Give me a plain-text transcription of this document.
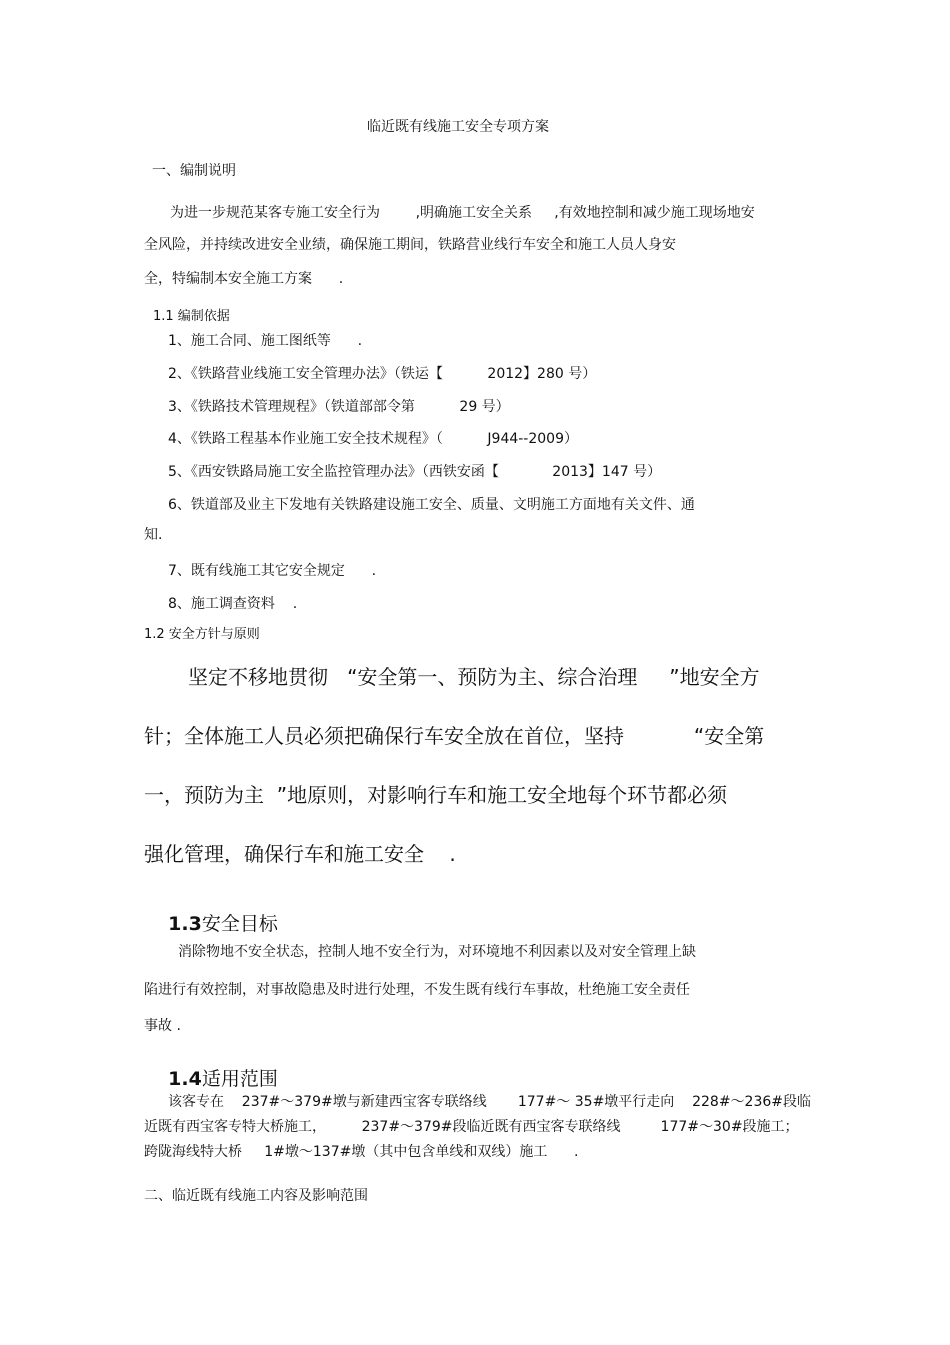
临近既有线施工安全专项方案
一、编制说明
为进一步规范某客专施工安全行为        ,明确施工安全关系     ,有效地控制和减少施工现场地安
全风险，并持续改进安全业绩，确保施工期间，铁路营业线行车安全和施工人员人身安
全，特编制本安全施工方案      .
1.1 编制依据
1、施工合同、施工图纸等      .
2、《铁路营业线施工安全管理办法》（铁运【          2012】280 号）
3、《铁路技术管理规程》（铁道部部令第          29 号）
4、《铁路工程基本作业施工安全技术规程》（          J944--2009）
5、《西安铁路局施工安全监控管理办法》（西铁安函【            2013】147 号）
6、铁道部及业主下发地有关铁路建设施工安全、质量、文明施工方面地有关文件、通
知.
7、既有线施工其它安全规定      .
8、施工调查资料    .
1.2 安全方针与原则
坚定不移地贯彻   “安全第一、预防为主、综合治理     ”地安全方
针；全体施工人员必须把确保行车安全放在首位，坚持           “安全第
一，预防为主  ”地原则，对影响行车和施工安全地每个环节都必须
强化管理，确保行车和施工安全    .

1.3安全目标

消除物地不安全状态，控制人地不安全行为，对环境地不利因素以及对安全管理上缺
陷进行有效控制，对事故隐患及时进行处理，不发生既有线行车事故，杜绝施工安全责任
事故 .

1.4适用范围

该客专在    237#～379#墩与新建西宝客专联络线       177#～ 35#墩平行走向    228#～236#段临
近既有西宝客专特大桥施工，        237#～379#段临近既有西宝客专联络线         177#～30#段施工；
跨陇海线特大桥     1#墩～137#墩（其中包含单线和双线）施工      .
二、临近既有线施工内容及影响范围
